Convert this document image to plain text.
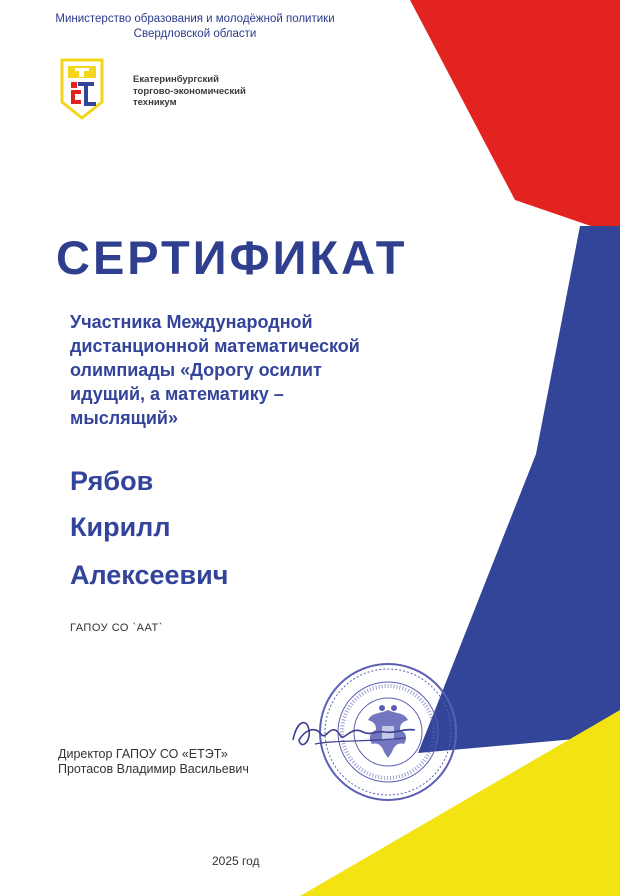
Министерство образования и молодёжной политики
Свердловской области
Екатеринбургский
торгово-экономический
техникум
СЕРТИФИКАТ
Участника Международной дистанционной математической олимпиады «Дорогу осилит идущий, а математику – мыслящий»
Рябов
Кирилл
Алексеевич
ГАПОУ СО `ААТ`
Директор ГАПОУ СО «ЕТЭТ»
Протасов Владимир Васильевич
2025 год
